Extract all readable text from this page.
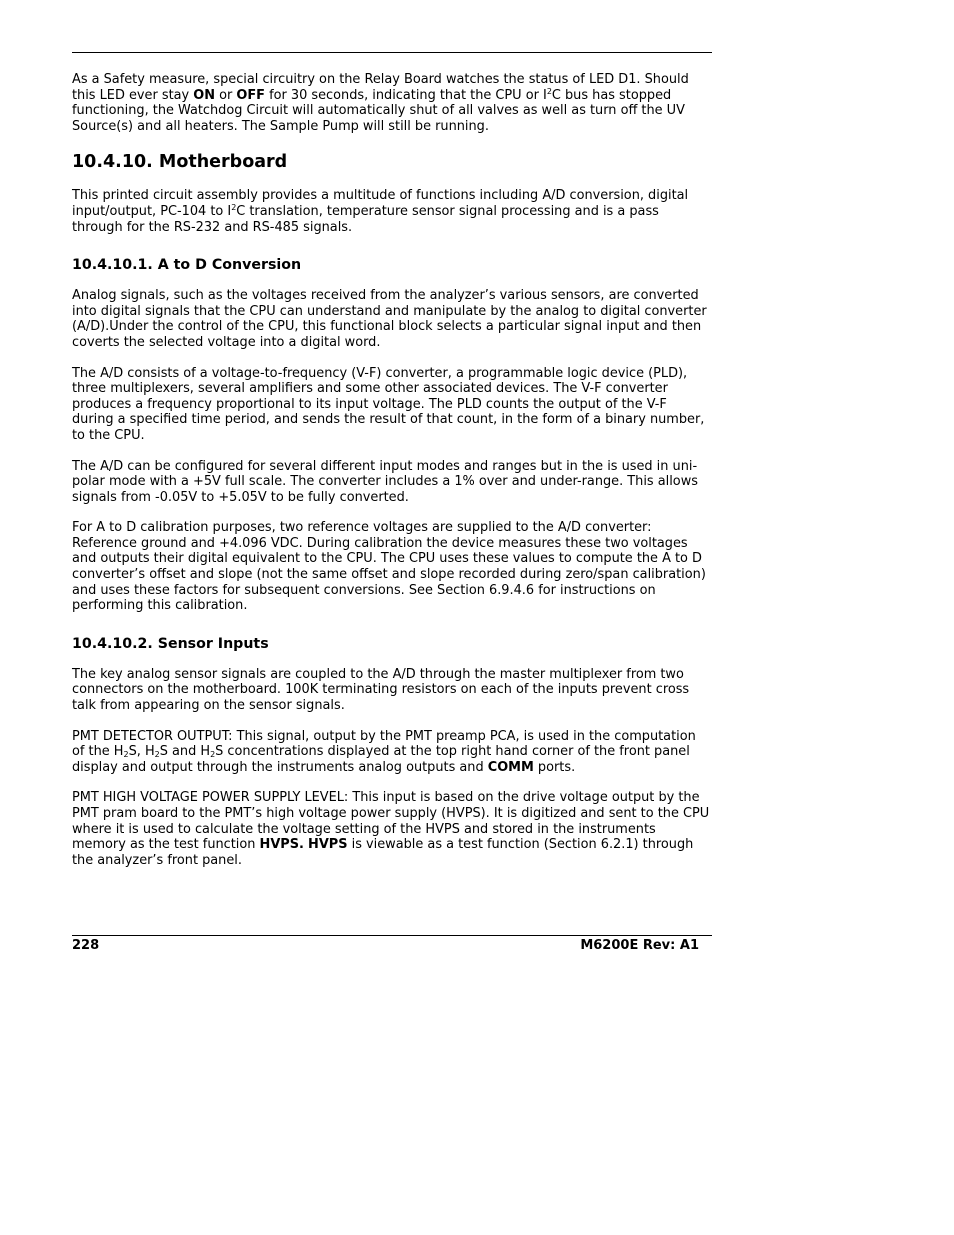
As a Safety measure, special circuitry on the Relay Board watches the status of LED D1. Should this LED ever stay ON or OFF for 30 seconds, indicating that the CPU or $I^2C$ bus has stopped functioning, the Watchdog Circuit will automatically shut of all valves as well as turn off the UV Source(s) and all heaters. The Sample Pump will still be running.

10.4.10. Motherboard

This printed circuit assembly provides a multitude of functions including A/D conversion, digital input/output, PC-104 to $I^2C$ translation, temperature sensor signal processing and is a pass through for the RS-232 and RS-485 signals.

10.4.10.1. A to D Conversion

Analog signals, such as the voltages received from the analyzer’s various sensors, are converted into digital signals that the CPU can understand and manipulate by the analog to digital converter (A/D).Under the control of the CPU, this functional block selects a particular signal input and then coverts the selected voltage into a digital word.

The A/D consists of a voltage-to-frequency (V-F) converter, a programmable logic device (PLD), three multiplexers, several amplifiers and some other associated devices. The V-F converter produces a frequency proportional to its input voltage. The PLD counts the output of the V-F during a specified time period, and sends the result of that count, in the form of a binary number, to the CPU.

The A/D can be configured for several different input modes and ranges but in the is used in uni-polar mode with a +5V full scale. The converter includes a 1% over and under-range. This allows signals from -0.05V to +5.05V to be fully converted.

For A to D calibration purposes, two reference voltages are supplied to the A/D converter: Reference ground and +4.096 VDC. During calibration the device measures these two voltages and outputs their digital equivalent to the CPU. The CPU uses these values to compute the A to D converter’s offset and slope (not the same offset and slope recorded during zero/span calibration) and uses these factors for subsequent conversions. See Section 6.9.4.6 for instructions on performing this calibration.

10.4.10.2. Sensor Inputs

The key analog sensor signals are coupled to the A/D through the master multiplexer from two connectors on the motherboard. 100K terminating resistors on each of the inputs prevent cross talk from appearing on the sensor signals.

PMT DETECTOR OUTPUT: This signal, output by the PMT preamp PCA, is used in the computation of the $H_2S$, $H_2S$ and $H_2S$ concentrations displayed at the top right hand corner of the front panel display and output through the instruments analog outputs and COMM ports.

PMT HIGH VOLTAGE POWER SUPPLY LEVEL: This input is based on the drive voltage output by the PMT pram board to the PMT’s high voltage power supply (HVPS). It is digitized and sent to the CPU where it is used to calculate the voltage setting of the HVPS and stored in the instruments memory as the test function HVPS. HVPS is viewable as a test function (Section 6.2.1) through the analyzer’s front panel.

228	M6200E Rev: A1
